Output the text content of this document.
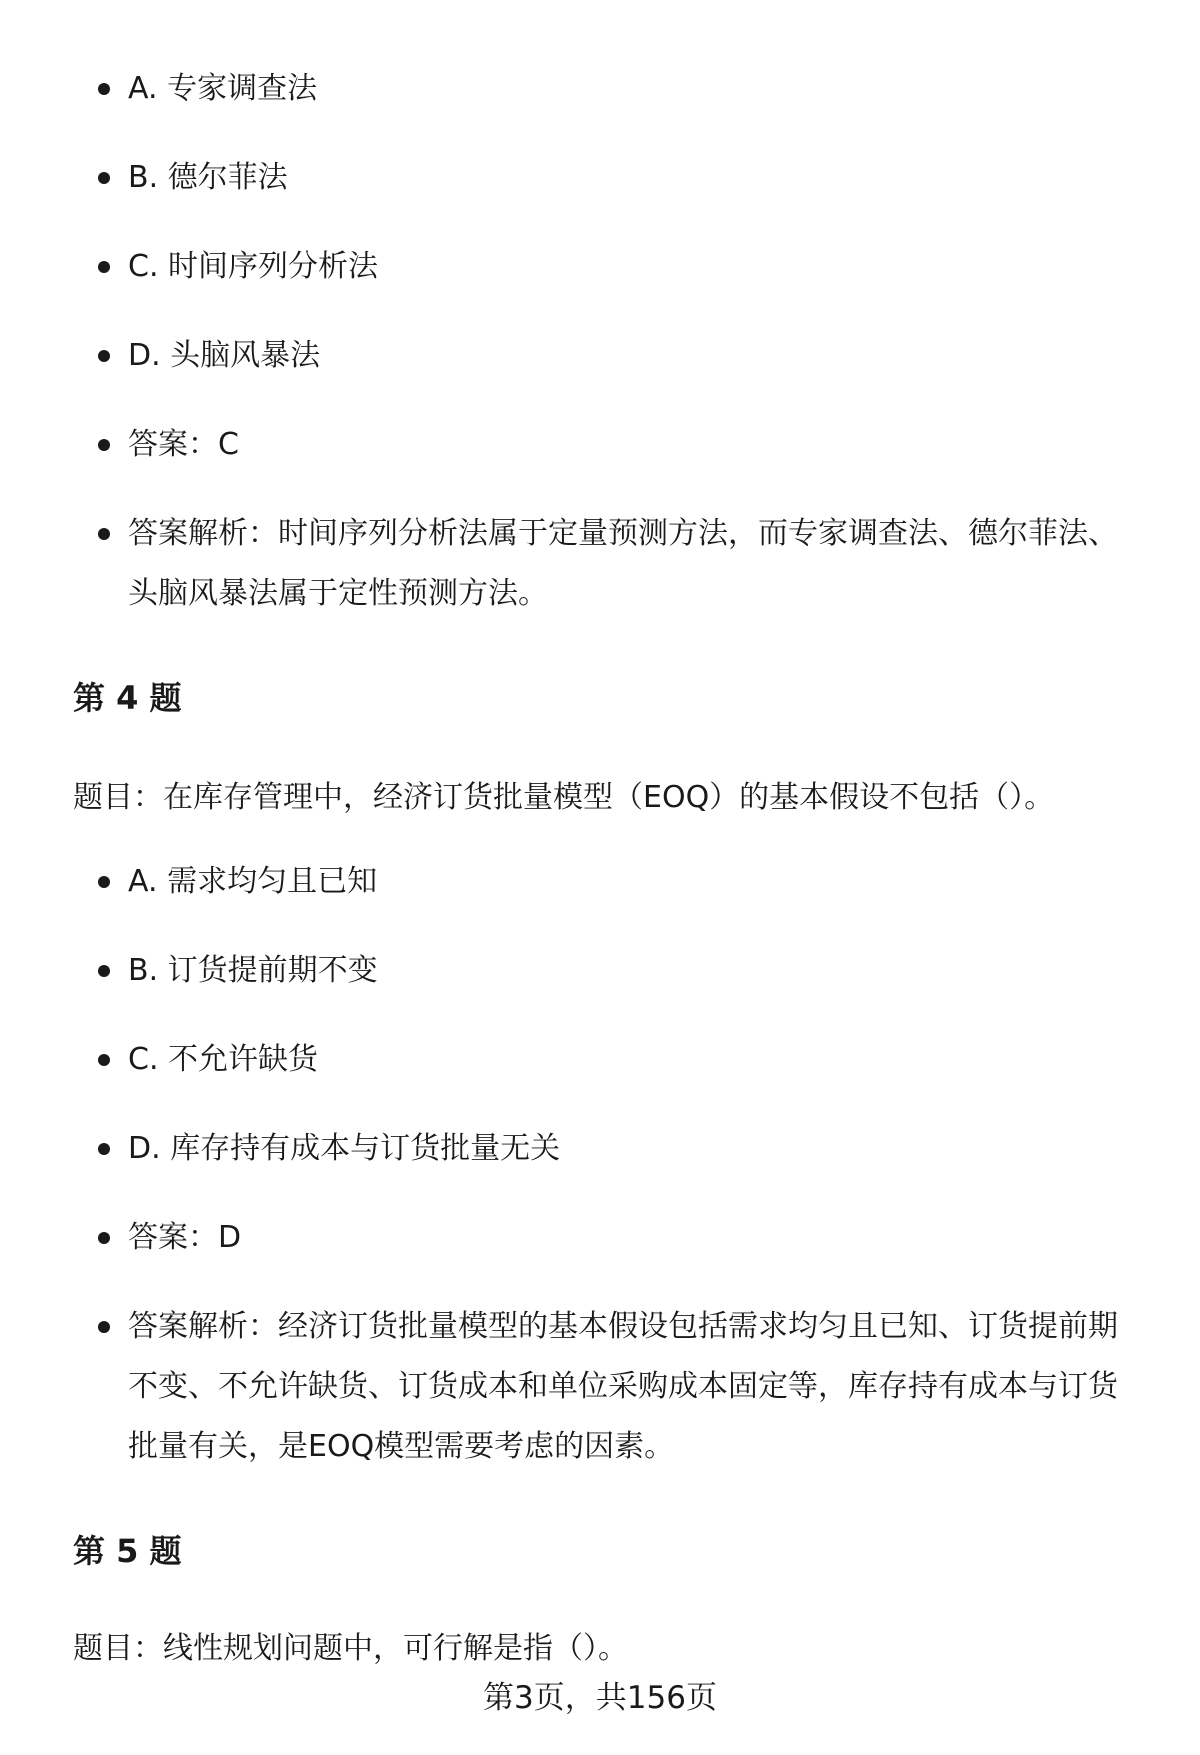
A. 专家调查法
B. 德尔菲法
C. 时间序列分析法
D. 头脑风暴法
答案：C
答案解析：时间序列分析法属于定量预测方法，而专家调查法、德尔菲法、头脑风暴法属于定性预测方法。
第 4 题

题目：在库存管理中，经济订货批量模型（EOQ）的基本假设不包括（）。

A. 需求均匀且已知
B. 订货提前期不变
C. 不允许缺货
D. 库存持有成本与订货批量无关
答案：D
答案解析：经济订货批量模型的基本假设包括需求均匀且已知、订货提前期不变、不允许缺货、订货成本和单位采购成本固定等，库存持有成本与订货批量有关，是EOQ模型需要考虑的因素。
第 5 题

题目：线性规划问题中，可行解是指（）。

第3页，共156页
